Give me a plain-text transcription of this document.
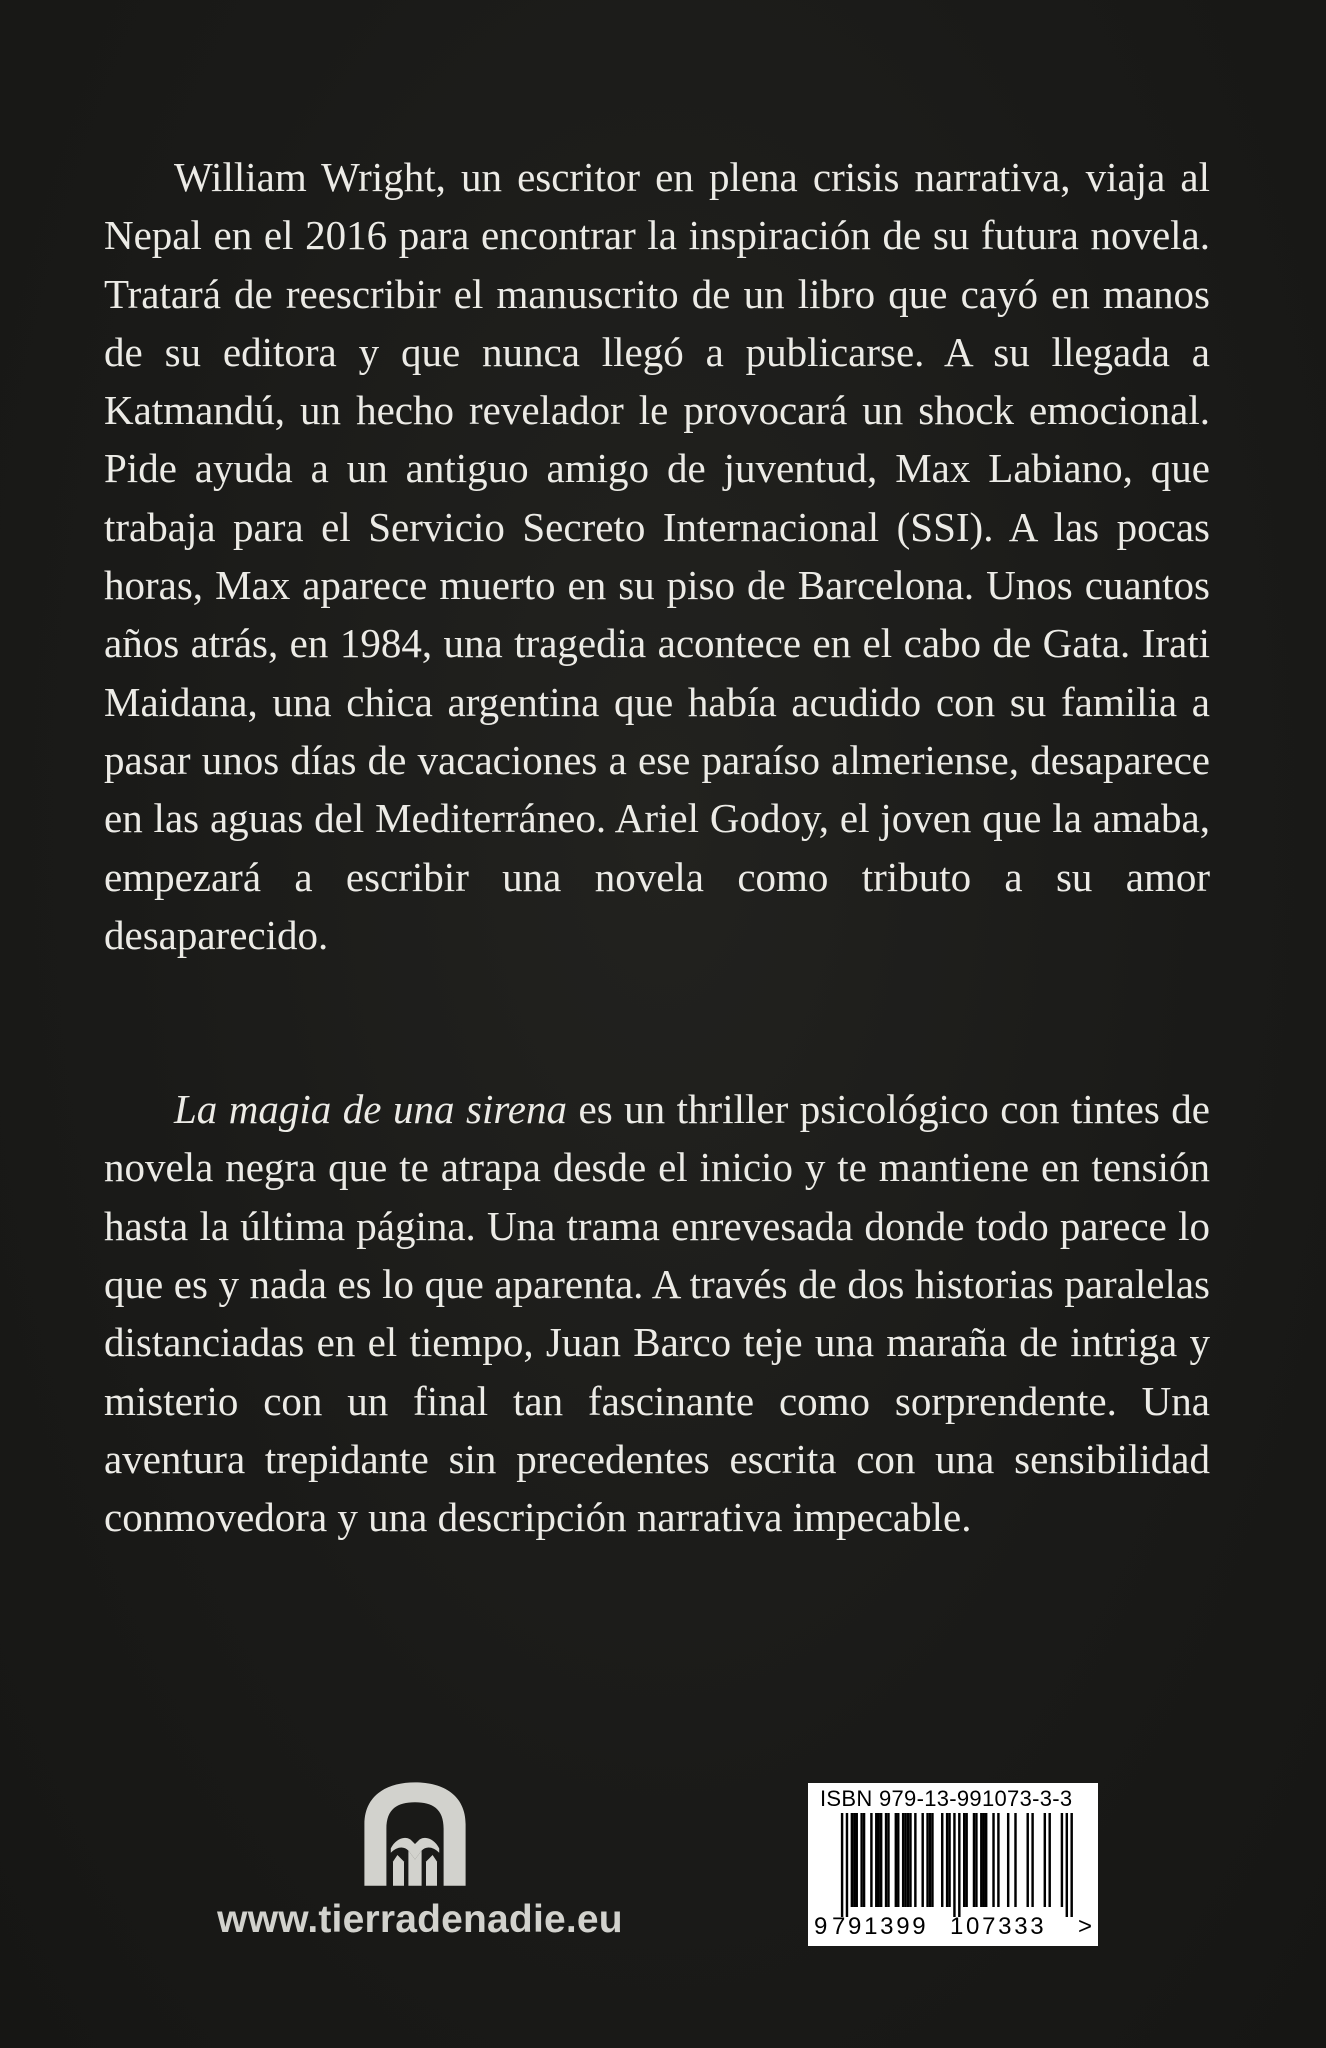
William Wright, un escritor en plena crisis narrativa, viaja al Nepal en el 2016 para encontrar la inspiración de su futura novela. Tratará de reescribir el manuscrito de un libro que cayó en manos de su editora y que nunca llegó a publicarse. A su llegada a Katmandú, un hecho revelador le provocará un shock emocional. Pide ayuda a un antiguo amigo de juventud, Max Labiano, que trabaja para el Servicio Secreto Internacional (SSI). A las pocas horas, Max aparece muerto en su piso de Barcelona. Unos cuantos años atrás, en 1984, una tragedia acontece en el cabo de Gata. Irati Maidana, una chica argentina que había acudido con su familia a pasar unos días de vacaciones a ese paraíso almeriense, desaparece en las aguas del Mediterráneo. Ariel Godoy, el joven que la amaba, empezará a escribir una novela como tributo a su amor desaparecido.

La magia de una sirena es un thriller psicológico con tintes de novela negra que te atrapa desde el inicio y te mantiene en tensión hasta la última página. Una trama enrevesada donde todo parece lo que es y nada es lo que aparenta. A través de dos historias paralelas distanciadas en el tiempo, Juan Barco teje una maraña de intriga y misterio con un final tan fascinante como sorprendente. Una aventura trepidante sin precedentes escrita con una sensibilidad conmovedora y una descripción narrativa impecable.

www.tierradenadie.eu
ISBN 979-13-991073-3-3
9 791399 107333 >
